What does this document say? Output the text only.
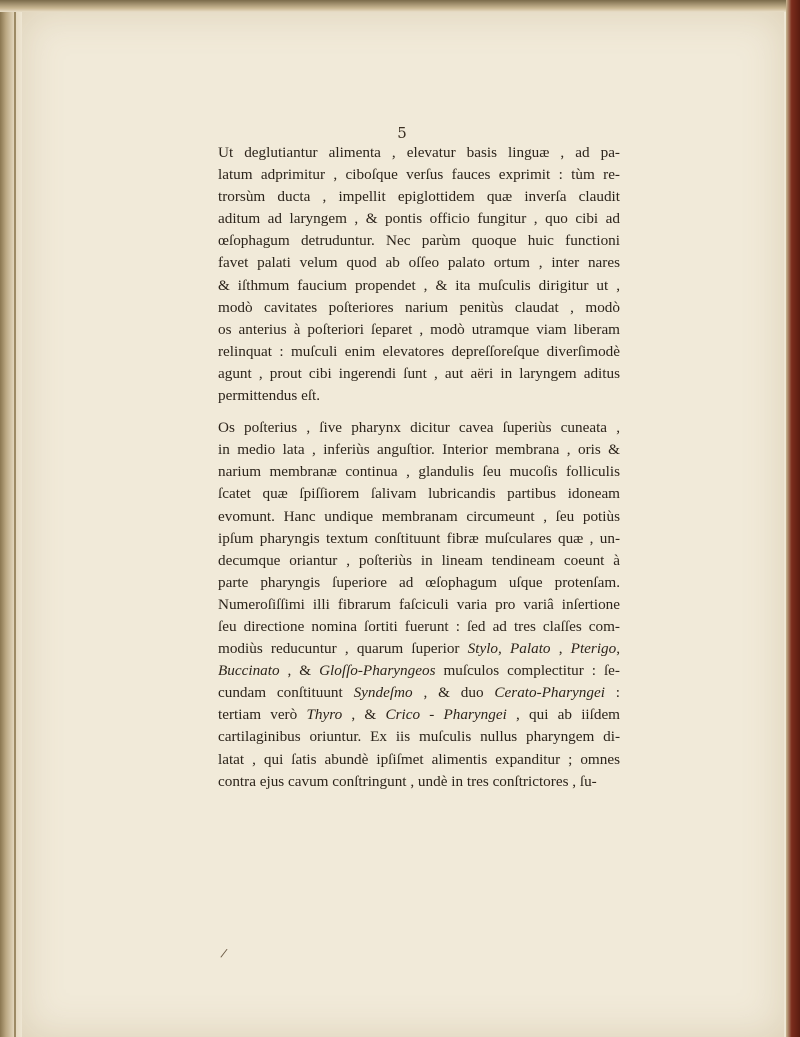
5

Ut deglutiantur alimenta , elevatur basis linguæ , ad pa-
latum adprimitur , ciboſque verſus fauces exprimit : tùm re-
trorsùm ducta , impellit epiglottidem quæ inverſa claudit
aditum ad laryngem , & pontis officio fungitur , quo cibi ad
œſophagum detruduntur. Nec parùm quoque huic functioni
favet palati velum quod ab oſſeo palato ortum , inter nares
& iſthmum faucium propendet , & ita muſculis dirigitur ut ,
modò cavitates poſteriores narium penitùs claudat , modò
os anterius à poſteriori ſeparet , modò utramque viam liberam
relinquat : muſculi enim elevatores depreſſoreſque diverſimodè
agunt , prout cibi ingerendi ſunt , aut aëri in laryngem aditus
permittendus eſt.

Os poſterius , ſive pharynx dicitur cavea ſuperiùs cuneata ,
in medio lata , inferiùs anguſtior. Interior membrana , oris &
narium membranæ continua , glandulis ſeu mucoſis folliculis
ſcatet quæ ſpiſſiorem ſalivam lubricandis partibus idoneam
evomunt. Hanc undique membranam circumeunt , ſeu potiùs
ipſum pharyngis textum conſtituunt fibræ muſculares quæ , un-
decumque oriantur , poſteriùs in lineam tendineam coeunt à
parte pharyngis ſuperiore ad œſophagum uſque protenſam.
Numeroſiſſimi illi fibrarum faſciculi varia pro variâ inſertione
ſeu directione nomina ſortiti fuerunt : ſed ad tres claſſes com-
modiùs reducuntur , quarum ſuperior Stylo, Palato , Pterigo,
Buccinato , & Gloſſo-Pharyngeos muſculos complectitur : ſe-
cundam conſtituunt Syndeſmo , & duo Cerato-Pharyngei :
tertiam verò Thyro , & Crico - Pharyngei , qui ab iiſdem
cartilaginibus oriuntur. Ex iis muſculis nullus pharyngem di-
latat , qui ſatis abundè ipſiſmet alimentis expanditur ; omnes
contra ejus cavum conſtringunt , undè in tres conſtrictores , ſu-

/
